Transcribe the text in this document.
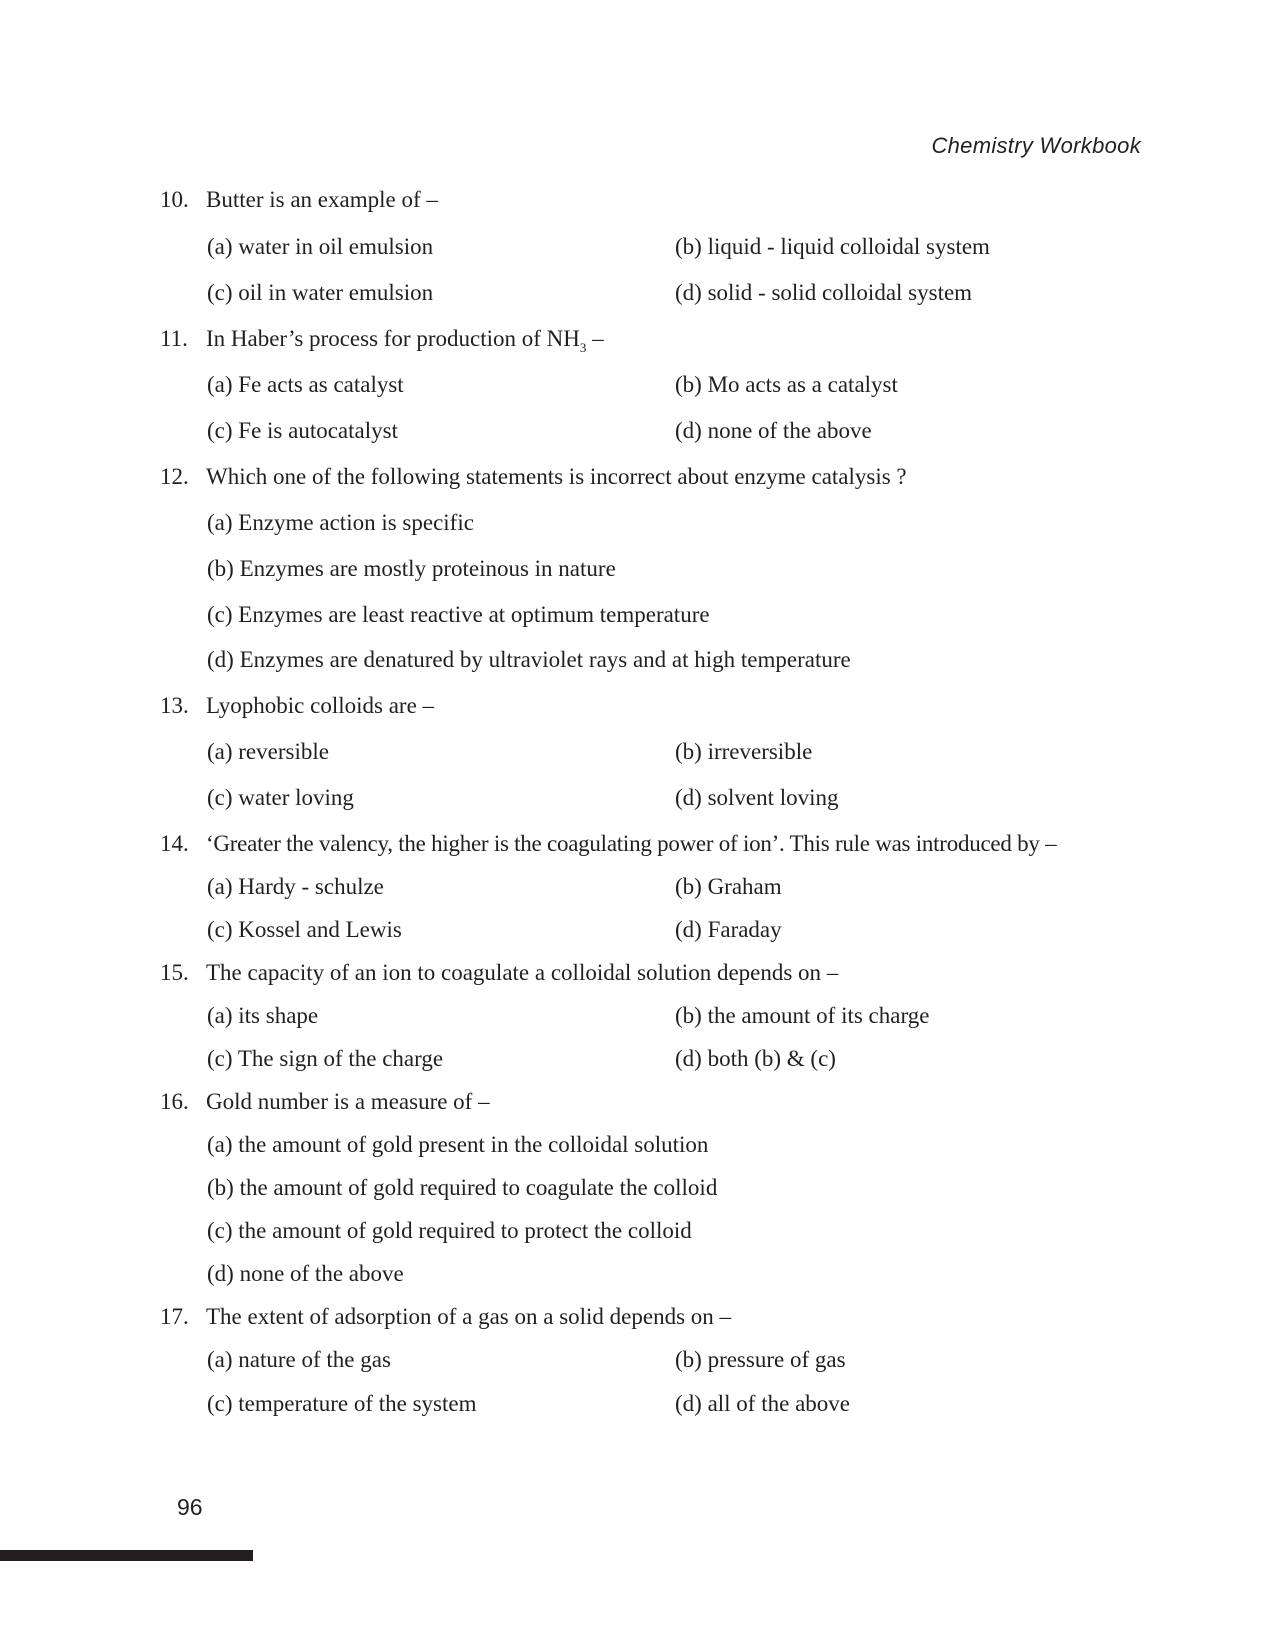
Chemistry Workbook
10. Butter is an example of –
(a) water in oil emulsion	(b) liquid - liquid colloidal system
(c) oil in water emulsion	(d) solid - solid colloidal system
11. In Haber’s process for production of $NH_3$ –
(a) Fe acts as catalyst	(b) Mo acts as a catalyst
(c) Fe is autocatalyst	(d) none of the above
12. Which one of the following statements is incorrect about enzyme catalysis ?
(a) Enzyme action is specific
(b) Enzymes are mostly proteinous in nature
(c) Enzymes are least reactive at optimum temperature
(d) Enzymes are denatured by ultraviolet rays and at high temperature
13. Lyophobic colloids are –
(a) reversible	(b) irreversible
(c) water loving	(d) solvent loving
14. ‘Greater the valency, the higher is the coagulating power of ion’. This rule was introduced by –
(a) Hardy - schulze	(b) Graham
(c) Kossel and Lewis	(d) Faraday
15. The capacity of an ion to coagulate a colloidal solution depends on –
(a) its shape	(b) the amount of its charge
(c) The sign of the charge	(d) both (b) & (c)
16. Gold number is a measure of –
(a) the amount of gold present in the colloidal solution
(b) the amount of gold required to coagulate the colloid
(c) the amount of gold required to protect the colloid
(d) none of the above
17. The extent of adsorption of a gas on a solid depends on –
(a) nature of the gas	(b) pressure of gas
(c) temperature of the system	(d) all of the above
96
